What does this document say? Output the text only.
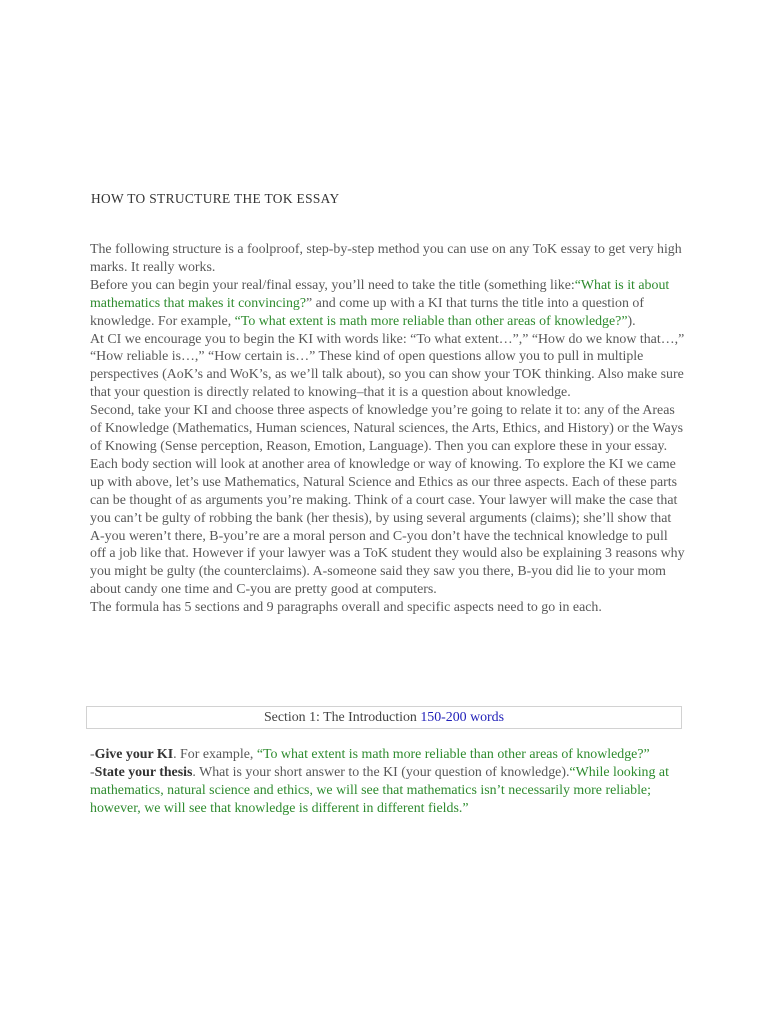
HOW TO STRUCTURE THE TOK ESSAY

The following structure is a foolproof, step-by-step method you can use on any ToK essay to get very high marks. It really works.

Before you can begin your real/final essay, you’ll need to take the title (something like:“What is it about mathematics that makes it convincing?” and come up with a KI that turns the title into a question of knowledge. For example, “To what extent is math more reliable than other areas of knowledge?”).

At CI we encourage you to begin the KI with words like: “To what extent…”,” “How do we know that…,” “How reliable is…,” “How certain is…” These kind of open questions allow you to pull in multiple perspectives (AoK’s and WoK’s, as we’ll talk about), so you can show your TOK thinking. Also make sure that your question is directly related to knowing–that it is a question about knowledge.

Second, take your KI and choose three aspects of knowledge you’re going to relate it to: any of the Areas of Knowledge (Mathematics, Human sciences, Natural sciences, the Arts, Ethics, and History) or the Ways of Knowing (Sense perception, Reason, Emotion, Language). Then you can explore these in your essay.

Each body section will look at another area of knowledge or way of knowing. To explore the KI we came up with above, let’s use Mathematics, Natural Science and Ethics as our three aspects. Each of these parts can be thought of as arguments you’re making. Think of a court case. Your lawyer will make the case that you can’t be gulty of robbing the bank (her thesis), by using several arguments (claims); she’ll show that A-you weren’t there, B-you’re are a moral person and C-you don’t have the technical knowledge to pull off a job like that. However if your lawyer was a ToK student they would also be explaining 3 reasons why you might be gulty (the counterclaims). A-someone said they saw you there, B-you did lie to your mom about candy one time and C-you are pretty good at computers.

The formula has 5 sections and 9 paragraphs overall and specific aspects need to go in each.

Section 1: The Introduction 150-200 words

-Give your KI. For example, “To what extent is math more reliable than other areas of knowledge?”

-State your thesis. What is your short answer to the KI (your question of knowledge).“While looking at mathematics, natural science and ethics, we will see that mathematics isn’t necessarily more reliable; however, we will see that knowledge is different in different fields.”
